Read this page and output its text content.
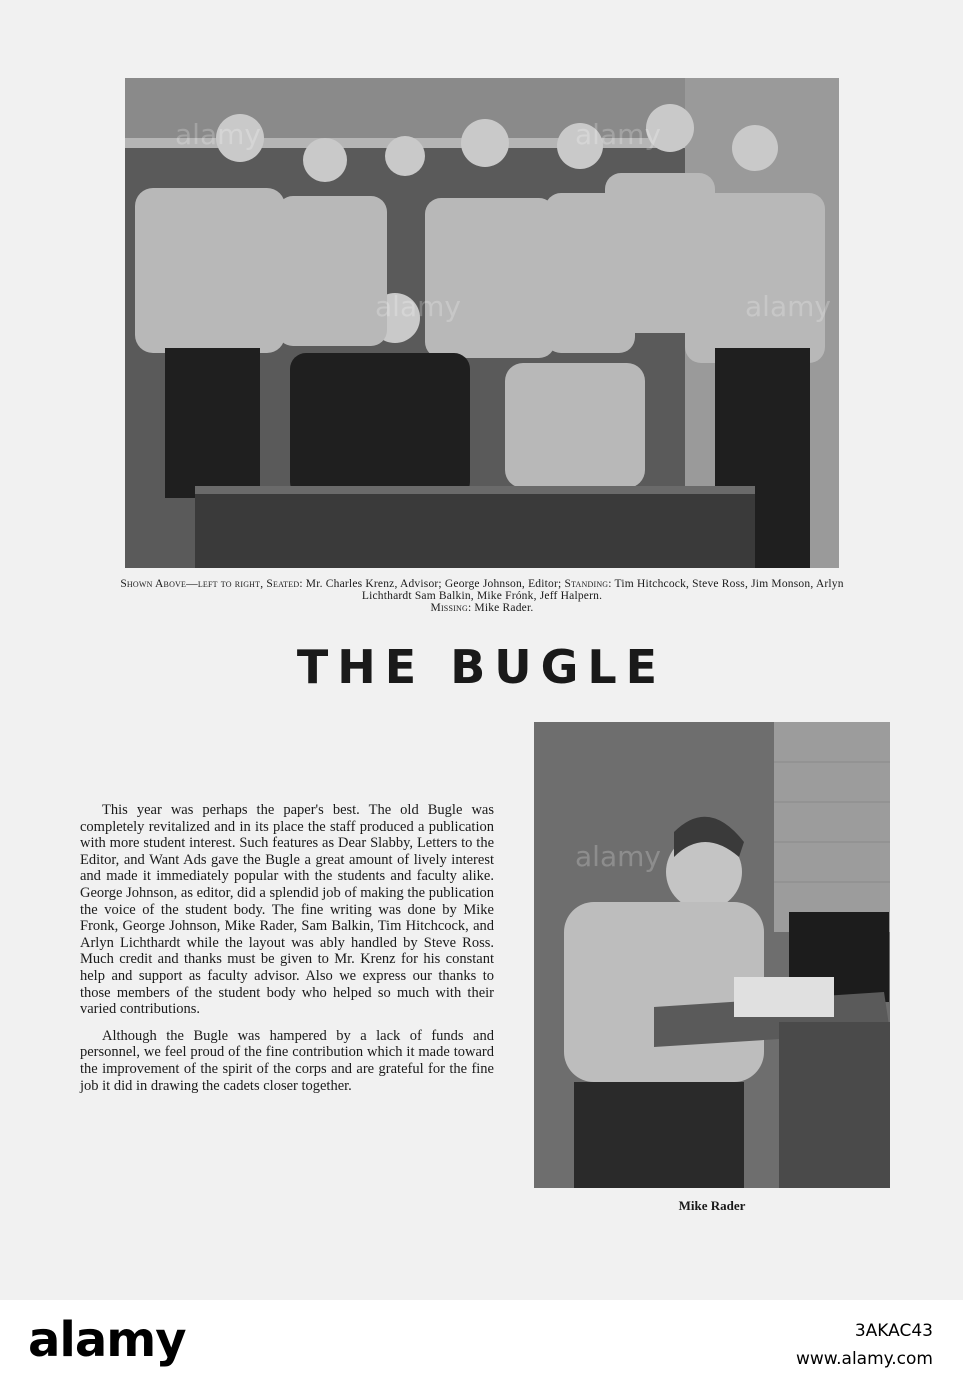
Shown Above—left to right, Seated: Mr. Charles Krenz, Advisor; George Johnson, Editor; Standing: Tim Hitchcock, Steve Ross, Jim Monson, Arlyn Lichthardt Sam Balkin, Mike Frónk, Jeff Halpern.
Missing: Mike Rader.
THE BUGLE

This year was perhaps the paper's best. The old Bugle was completely revitalized and in its place the staff produced a publication with more student interest. Such features as Dear Slabby, Letters to the Editor, and Want Ads gave the Bugle a great amount of lively interest and made it immediately popular with the students and faculty alike. George Johnson, as editor, did a splendid job of making the publication the voice of the student body. The fine writing was done by Mike Fronk, George Johnson, Mike Rader, Sam Balkin, Tim Hitchcock, and Arlyn Lichthardt while the layout was ably handled by Steve Ross. Much credit and thanks must be given to Mr. Krenz for his constant help and support as faculty advisor. Also we express our thanks to those members of the student body who helped so much with their varied contributions.

Although the Bugle was hampered by a lack of funds and personnel, we feel proud of the fine contribution which it made toward the improvement of the spirit of the corps and are grateful for the fine job it did in drawing the cadets closer together.

Mike Rader
alamy	alamy
alamy	alamy
alamy
alamy	3AKAC43
www.alamy.com
